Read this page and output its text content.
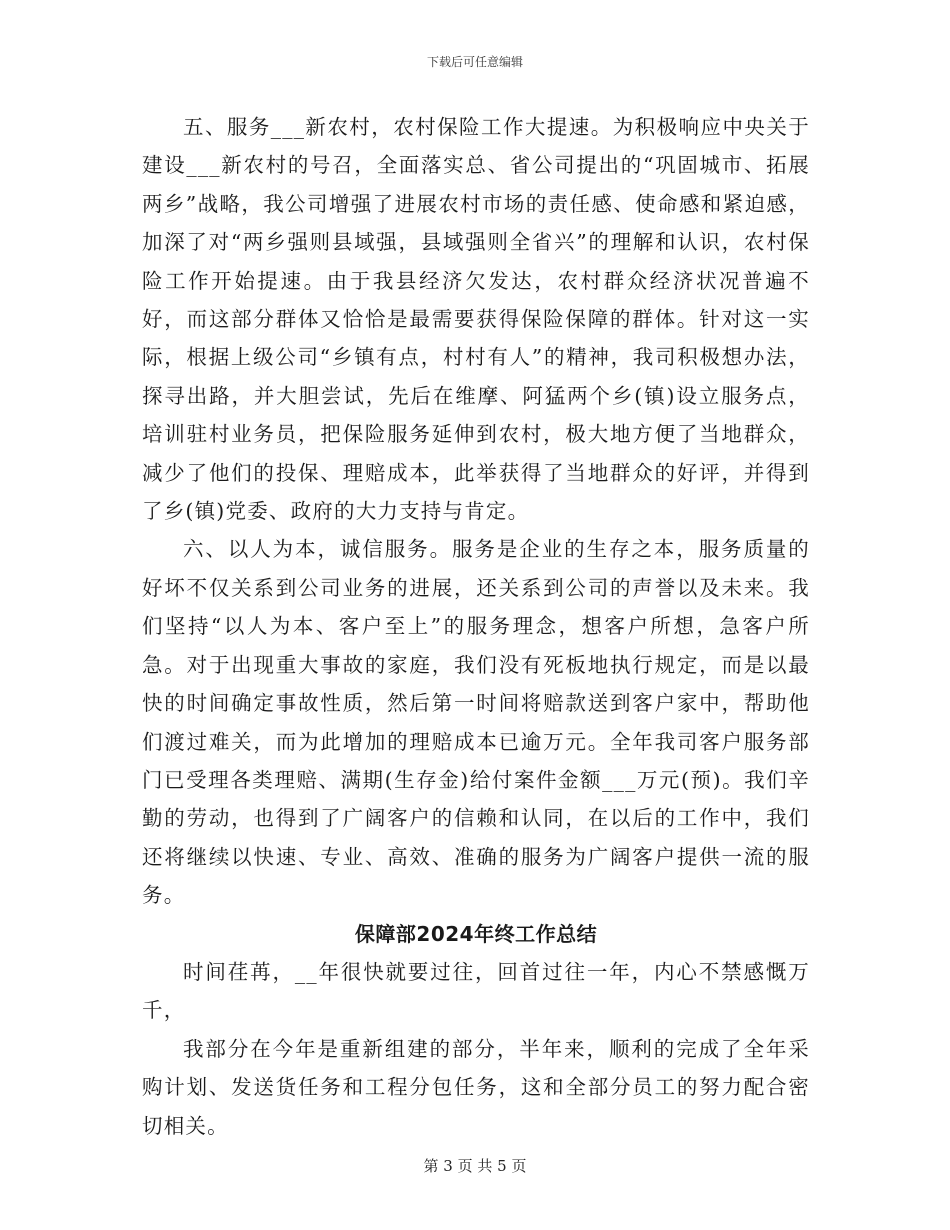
下载后可任意编辑

五、服务___新农村，农村保险工作大提速。为积极响应中央关于建设___新农村的号召，全面落实总、省公司提出的“巩固城市、拓展两乡”战略，我公司增强了进展农村市场的责任感、使命感和紧迫感，加深了对“两乡强则县域强，县域强则全省兴”的理解和认识，农村保险工作开始提速。由于我县经济欠发达，农村群众经济状况普遍不好，而这部分群体又恰恰是最需要获得保险保障的群体。针对这一实际，根据上级公司“乡镇有点，村村有人”的精神，我司积极想办法，探寻出路，并大胆尝试，先后在维摩、阿猛两个乡(镇)设立服务点，培训驻村业务员，把保险服务延伸到农村，极大地方便了当地群众，减少了他们的投保、理赔成本，此举获得了当地群众的好评，并得到了乡(镇)党委、政府的大力支持与肯定。

六、以人为本，诚信服务。服务是企业的生存之本，服务质量的好坏不仅关系到公司业务的进展，还关系到公司的声誉以及未来。我们坚持“以人为本、客户至上”的服务理念，想客户所想，急客户所急。对于出现重大事故的家庭，我们没有死板地执行规定，而是以最快的时间确定事故性质，然后第一时间将赔款送到客户家中，帮助他们渡过难关，而为此增加的理赔成本已逾万元。全年我司客户服务部门已受理各类理赔、满期(生存金)给付案件金额___万元(预)。我们辛勤的劳动，也得到了广阔客户的信赖和认同，在以后的工作中，我们还将继续以快速、专业、高效、准确的服务为广阔客户提供一流的服务。

保障部2024年终工作总结

时间荏苒，__年很快就要过往，回首过往一年，内心不禁感慨万千，

我部分在今年是重新组建的部分，半年来，顺利的完成了全年采购计划、发送货任务和工程分包任务，这和全部分员工的努力配合密切相关。

第 3 页 共 5 页
